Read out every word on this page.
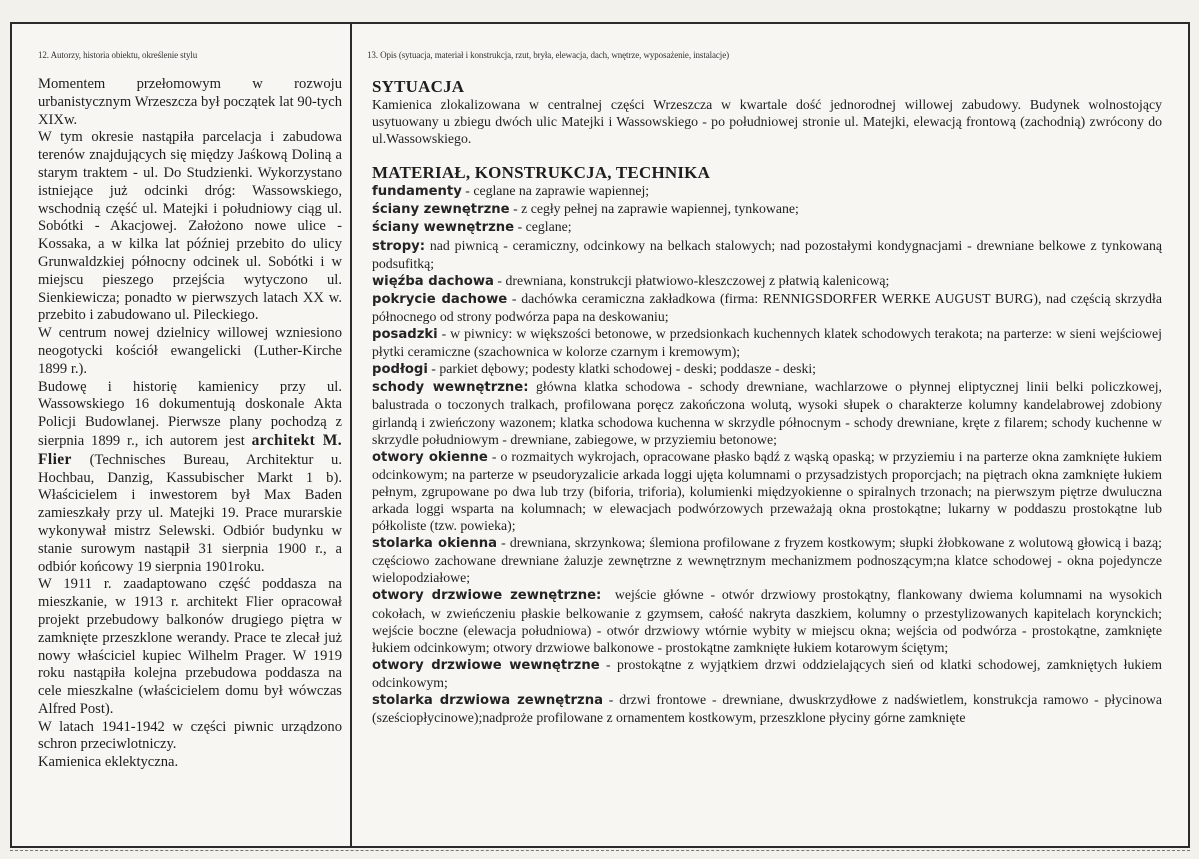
12. Autorzy, historia obiektu, określenie stylu	13. Opis (sytuacja, materiał i konstrukcja, rzut, bryła, elewacja, dach, wnętrze, wyposażenie, instalacje)

Momentem przełomowym w rozwoju urbanistycznym Wrzeszcza był początek lat 90-tych XIXw.

W tym okresie nastąpiła parcelacja i zabudowa terenów znajdujących się między Jaśkową Doliną a starym traktem - ul. Do Studzienki. Wykorzystano istniejące już odcinki dróg: Wassowskiego, wschodnią część ul. Matejki i południowy ciąg ul. Sobótki - Akacjowej. Założono nowe ulice - Kossaka, a w kilka lat później przebito do ulicy Grunwaldzkiej północny odcinek ul. Sobótki i w miejscu pieszego przejścia wytyczono ul. Sienkiewicza; ponadto w pierwszych latach XX w. przebito i zabudowano ul. Pileckiego.

W centrum nowej dzielnicy willowej wzniesiono neogotycki kościół ewangelicki (Luther-Kirche 1899 r.).

Budowę i historię kamienicy przy ul. Wassowskiego 16 dokumentują doskonale Akta Policji Budowlanej. Pierwsze plany pochodzą z sierpnia 1899 r., ich autorem jest architekt M. Flier (Technisches Bureau, Architektur u. Hochbau, Danzig, Kassubischer Markt 1 b). Właścicielem i inwestorem był Max Baden zamieszkały przy ul. Matejki 19. Prace murarskie wykonywał mistrz Selewski. Odbiór budynku w stanie surowym nastąpił 31 sierpnia 1900 r., a odbiór końcowy 19 sierpnia 1901roku.

W 1911 r. zaadaptowano część poddasza na mieszkanie, w 1913 r. architekt Flier opracował projekt przebudowy balkonów drugiego piętra w zamknięte przeszklone werandy. Prace te zlecał już nowy właściciel kupiec Wilhelm Prager. W 1919 roku nastąpiła kolejna przebudowa poddasza na cele mieszkalne (właścicielem domu był wówczas Alfred Post).

W latach 1941-1942 w części piwnic urządzono schron przeciwlotniczy.

Kamienica eklektyczna.

SYTUACJA

Kamienica zlokalizowana w centralnej części Wrzeszcza w kwartale dość jednorodnej willowej zabudowy. Budynek wolnostojący usytuowany u zbiegu dwóch ulic Matejki i Wassowskiego - po południowej stronie ul. Matejki, elewacją frontową (zachodnią) zwrócony do ul.Wassowskiego.

MATERIAŁ, KONSTRUKCJA, TECHNIKA

fundamenty - ceglane na zaprawie wapiennej;

ściany zewnętrzne - z cegły pełnej na zaprawie wapiennej, tynkowane;

ściany wewnętrzne - ceglane;

stropy: nad piwnicą - ceramiczny, odcinkowy na belkach stalowych; nad pozostałymi kondygnacjami - drewniane belkowe z tynkowaną podsufitką;

więźba dachowa - drewniana, konstrukcji płatwiowo-kleszczowej z płatwią kalenicową;

pokrycie dachowe - dachówka ceramiczna zakładkowa (firma: RENNIGSDORFER WERKE AUGUST BURG), nad częścią skrzydła północnego od strony podwórza papa na deskowaniu;

posadzki - w piwnicy: w większości betonowe, w przedsionkach kuchennych klatek schodowych terakota; na parterze: w sieni wejściowej płytki ceramiczne (szachownica w kolorze czarnym i kremowym);

podłogi - parkiet dębowy; podesty klatki schodowej - deski; poddasze - deski;

schody wewnętrzne: główna klatka schodowa - schody drewniane, wachlarzowe o płynnej eliptycznej linii belki policzkowej, balustrada o toczonych tralkach, profilowana poręcz zakończona wolutą, wysoki słupek o charakterze kolumny kandelabrowej zdobiony girlandą i zwieńczony wazonem; klatka schodowa kuchenna w skrzydle północnym - schody drewniane, kręte z filarem; schody kuchenne w skrzydle południowym - drewniane, zabiegowe, w przyziemiu betonowe;

otwory okienne - o rozmaitych wykrojach, opracowane płasko bądź z wąską opaską; w przyziemiu i na parterze okna zamknięte łukiem odcinkowym; na parterze w pseudoryzalicie arkada loggi ujęta kolumnami o przysadzistych proporcjach; na piętrach okna zamknięte łukiem pełnym, zgrupowane po dwa lub trzy (biforia, triforia), kolumienki międzyokienne o spiralnych trzonach; na pierwszym piętrze dwuluczna arkada loggi wsparta na kolumnach; w elewacjach podwórzowych przeważają okna prostokątne; lukarny w poddaszu prostokątne lub półkoliste (tzw. powieka);

stolarka okienna - drewniana, skrzynkowa; ślemiona profilowane z fryzem kostkowym; słupki żłobkowane z wolutową głowicą i bazą; częściowo zachowane drewniane żaluzje zewnętrzne z wewnętrznym mechanizmem podnoszącym;na klatce schodowej - okna pojedyncze wielopodziałowe;

otwory drzwiowe zewnętrzne: wejście główne - otwór drzwiowy prostokątny, flankowany dwiema kolumnami na wysokich cokołach, w zwieńczeniu płaskie belkowanie z gzymsem, całość nakryta daszkiem, kolumny o przestylizowanych kapitelach korynckich; wejście boczne (elewacja południowa) - otwór drzwiowy wtórnie wybity w miejscu okna; wejścia od podwórza - prostokątne, zamknięte łukiem odcinkowym; otwory drzwiowe balkonowe - prostokątne zamknięte łukiem kotarowym ściętym;

otwory drzwiowe wewnętrzne - prostokątne z wyjątkiem drzwi oddzielających sień od klatki schodowej, zamkniętych łukiem odcinkowym;

stolarka drzwiowa zewnętrzna - drzwi frontowe - drewniane, dwuskrzydłowe z nadświetlem, konstrukcja ramowo - płycinowa (sześciopłycinowe);nadproże profilowane z ornamentem kostkowym, przeszklone płyciny górne zamknięte
